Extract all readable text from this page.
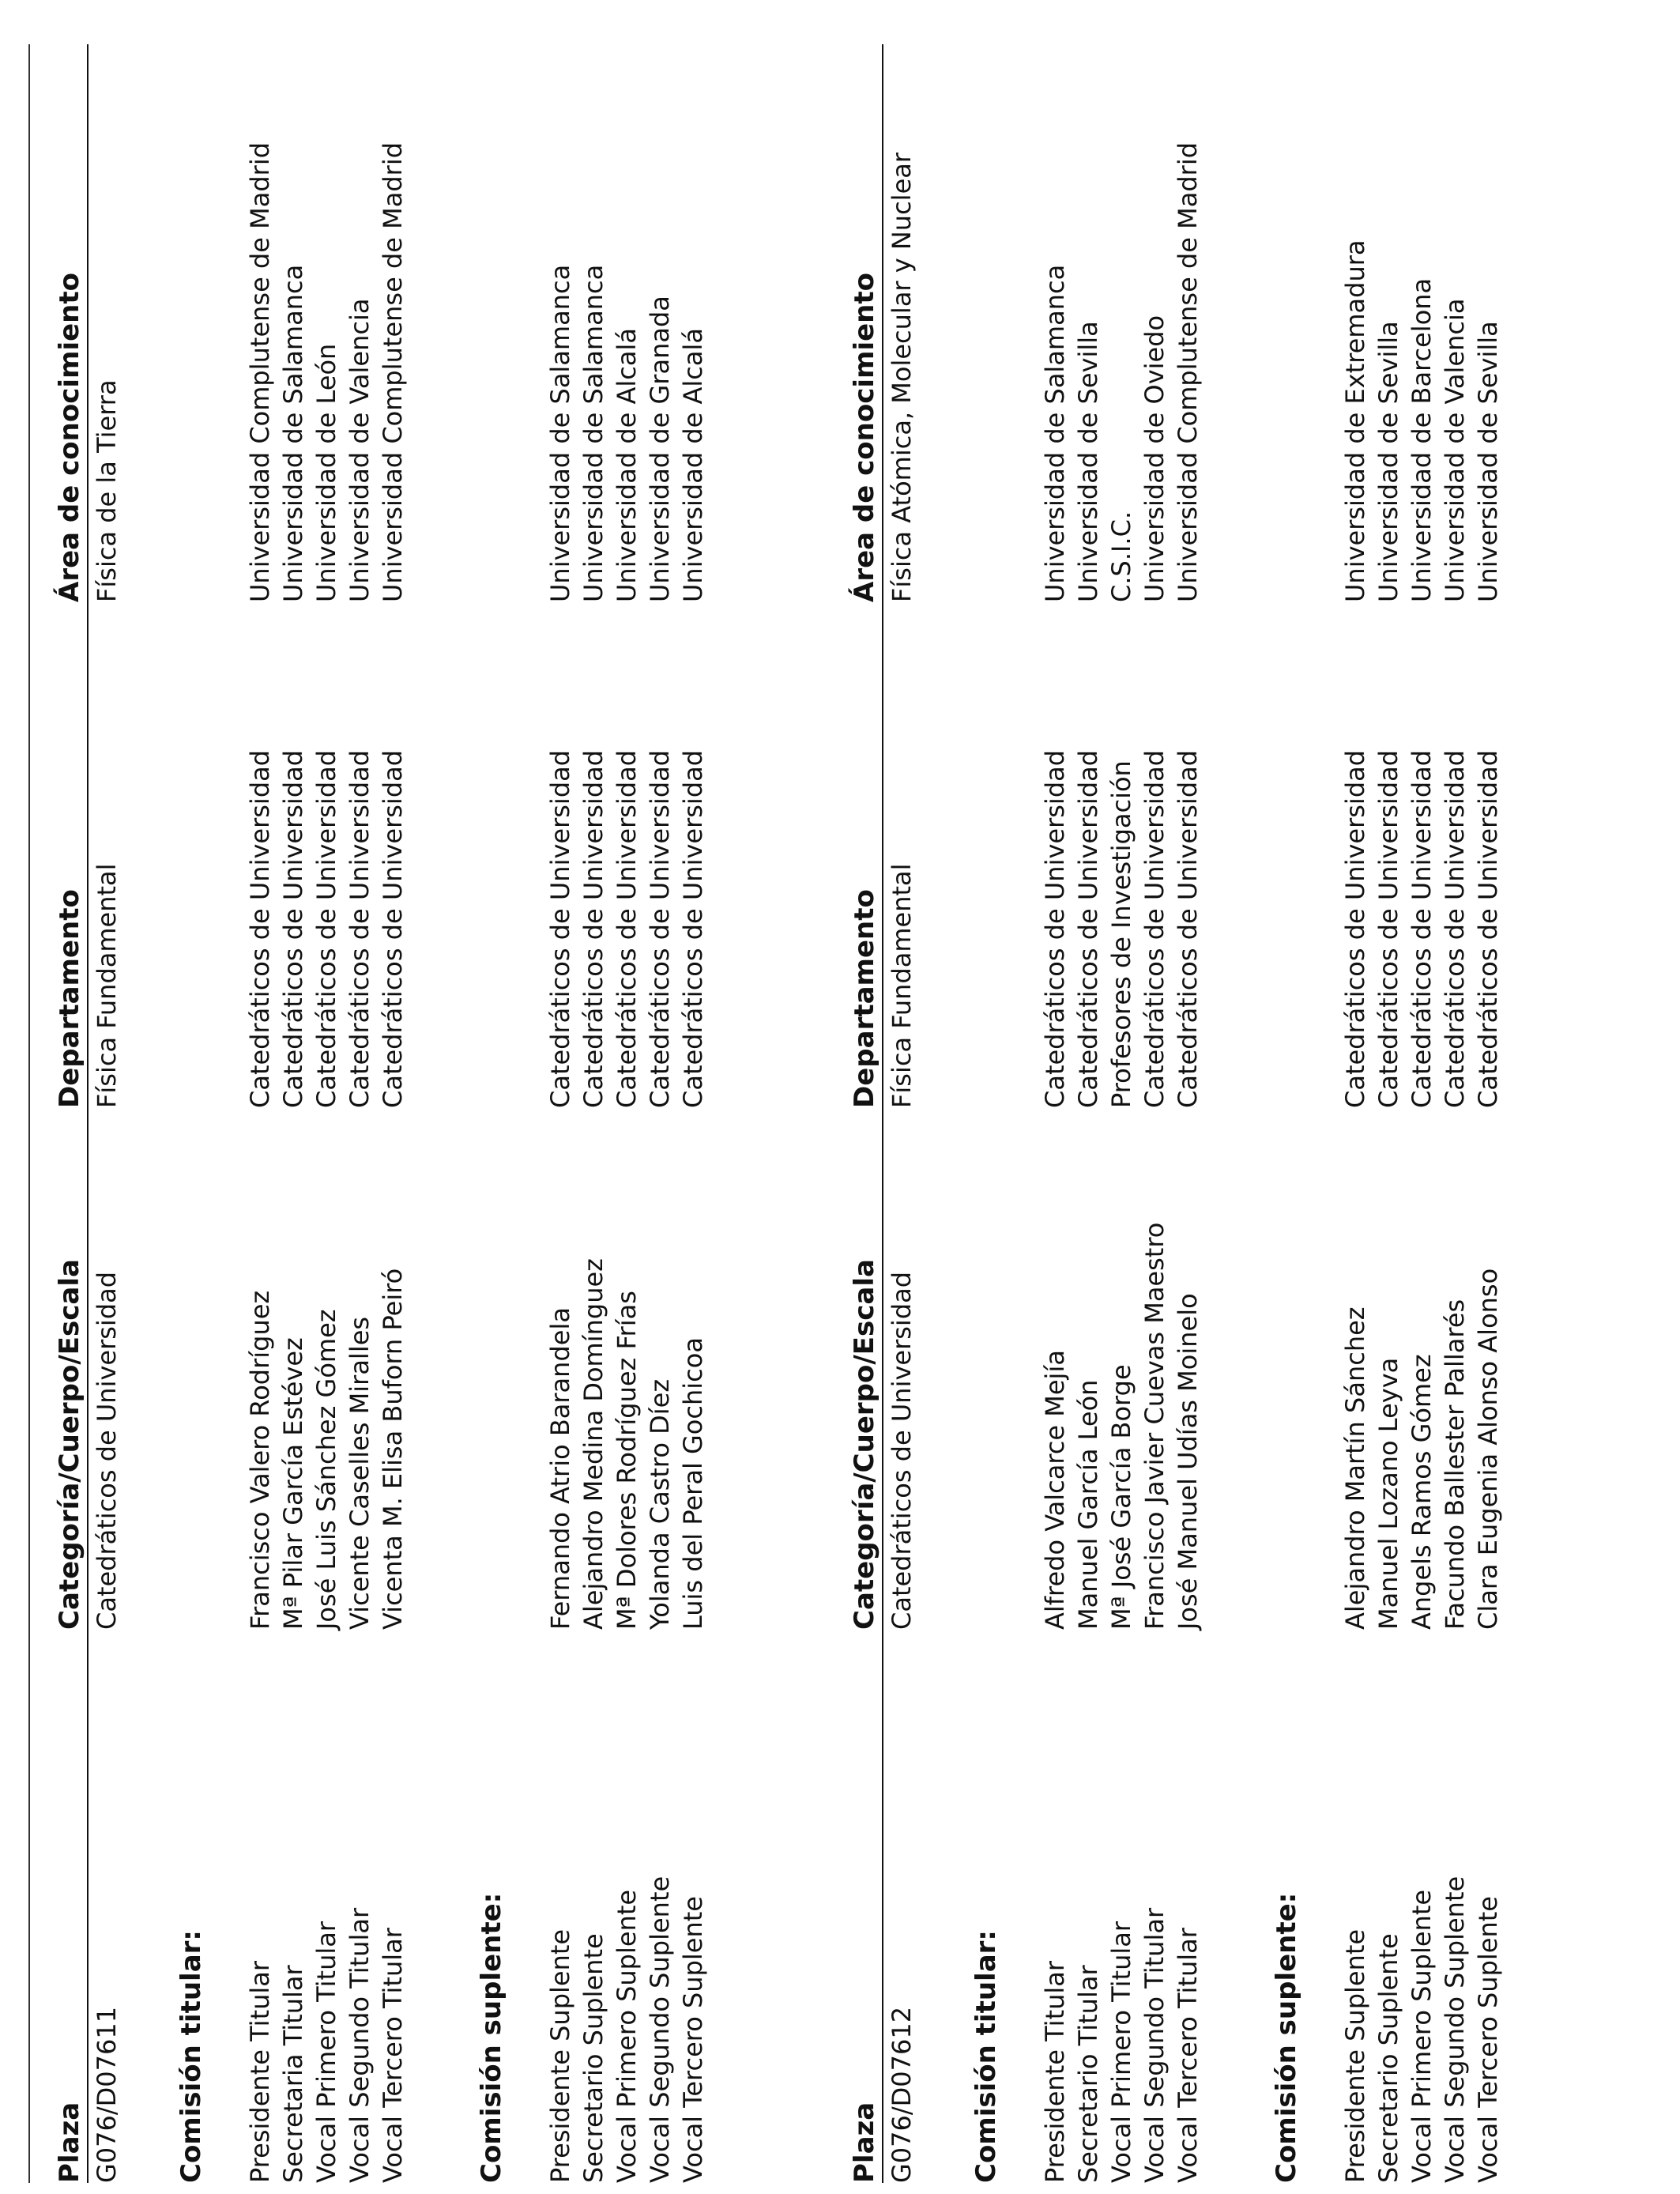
Plaza
Categoría/Cuerpo/Escala
Departamento
Área de conocimiento
G076/D07611
Catedráticos de Universidad
Física Fundamental
Física de la Tierra
Comisión titular: Presidente Titular
Francisco Valero Rodríguez
Catedráticos de Universidad
Universidad Complutense de Madrid
Secretaria Titular
Mª Pilar García Estévez
Catedráticos de Universidad
Universidad de Salamanca
Vocal Primero Titular
José Luis Sánchez Gómez
Catedráticos de Universidad
Universidad de León
Vocal Segundo Titular
Vicente Caselles Miralles
Catedráticos de Universidad
Universidad de Valencia
Vocal Tercero Titular
Vicenta M. Elisa Buforn Peiró
Catedráticos de Universidad
Universidad Complutense de Madrid
Comisión suplente: Presidente Suplente
Fernando Atrio Barandela
Catedráticos de Universidad
Universidad de Salamanca
Secretario Suplente
Alejandro Medina Domínguez
Catedráticos de Universidad
Universidad de Salamanca
Vocal Primero Suplente
Mª Dolores Rodríguez Frías
Catedráticos de Universidad
Universidad de Alcalá
Vocal Segundo Suplente
Yolanda Castro Díez
Catedráticos de Universidad
Universidad de Granada
Vocal Tercero Suplente
Luis del Peral Gochicoa
Catedráticos de Universidad
Universidad de Alcalá
Plaza
Categoría/Cuerpo/Escala
Departamento
Área de conocimiento
G076/D07612
Catedráticos de Universidad
Física Fundamental
Física Atómica, Molecular y Nuclear
Comisión titular: Presidente Titular
Alfredo Valcarce Mejía
Catedráticos de Universidad
Universidad de Salamanca
Secretario Titular
Manuel García León
Catedráticos de Universidad
Universidad de Sevilla
Vocal Primero Titular
Mª José García Borge
Profesores de Investigación
C.S.I.C.
Vocal Segundo Titular
Francisco Javier Cuevas Maestro
Catedráticos de Universidad
Universidad de Oviedo
Vocal Tercero Titular
José Manuel Udías Moinelo
Catedráticos de Universidad
Universidad Complutense de Madrid
Comisión suplente: Presidente Suplente
Alejandro Martín Sánchez
Catedráticos de Universidad
Universidad de Extremadura
Secretario Suplente
Manuel Lozano Leyva
Catedráticos de Universidad
Universidad de Sevilla
Vocal Primero Suplente
Angels Ramos Gómez
Catedráticos de Universidad
Universidad de Barcelona
Vocal Segundo Suplente
Facundo Ballester Pallarés
Catedráticos de Universidad
Universidad de Valencia
Vocal Tercero Suplente
Clara Eugenia Alonso Alonso
Catedráticos de Universidad
Universidad de Sevilla
